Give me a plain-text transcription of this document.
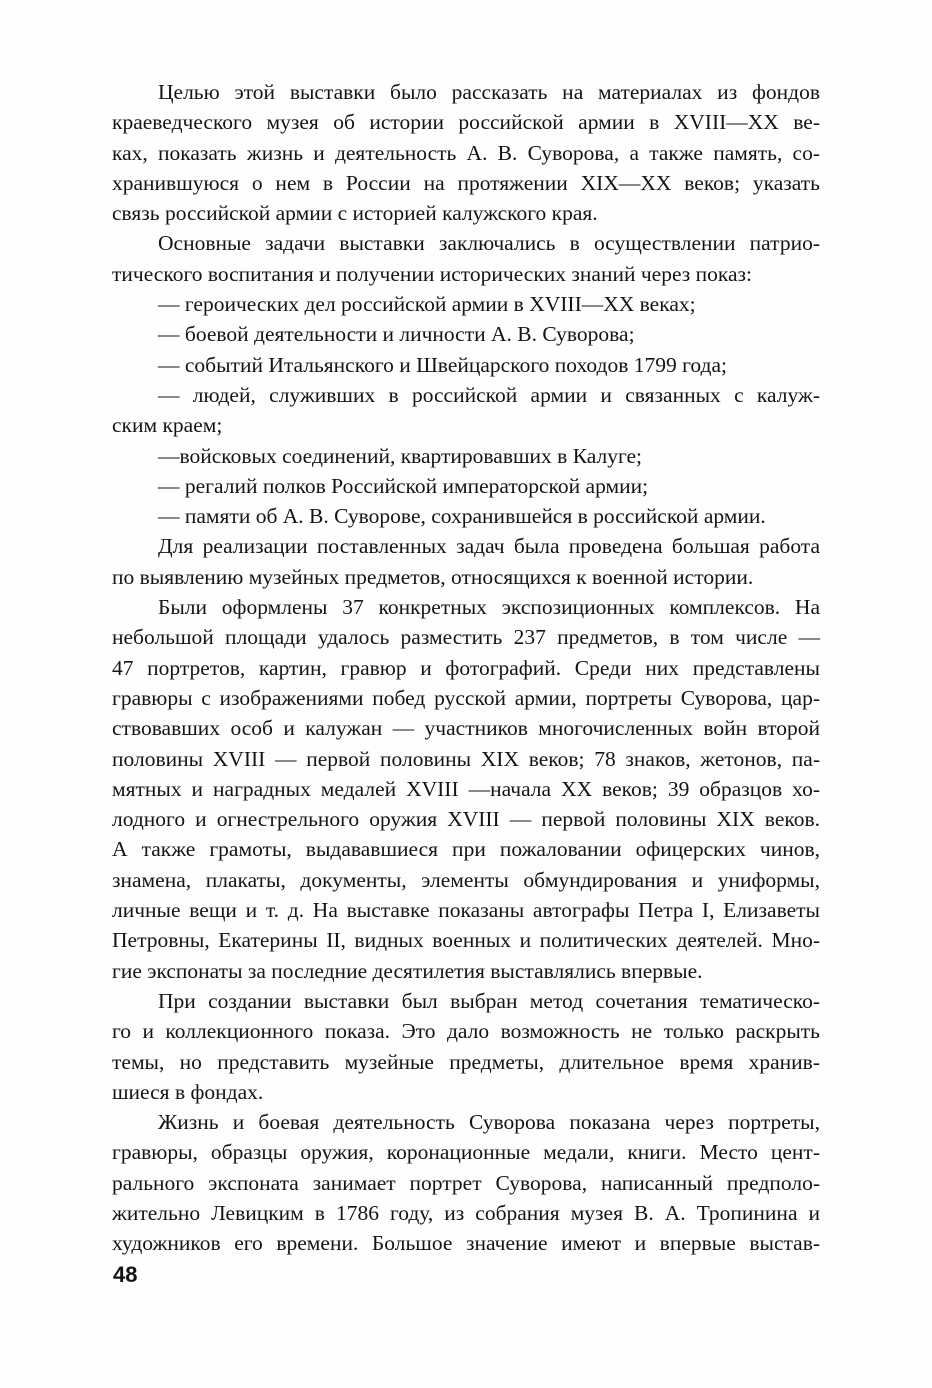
Целью этой выставки было рассказать на материалах из фондов
краеведческого музея об истории российской армии в XVIII—XX ве-
ках, показать жизнь и деятельность А. В. Суворова, а также память, со-
хранившуюся о нем в России на протяжении XIX—XX веков; указать
связь российской армии с историей калужского края.
Основные задачи выставки заключались в осуществлении патрио-
тического воспитания и получении исторических знаний через показ:
— героических дел российской армии в XVIII—XX веках;
— боевой деятельности и личности А. В. Суворова;
— событий Итальянского и Швейцарского походов 1799 года;
— людей, служивших в российской армии и связанных с калуж-
ским краем;
—войсковых соединений, квартировавших в Калуге;
— регалий полков Российской императорской армии;
— памяти об А. В. Суворове, сохранившейся в российской армии.
Для реализации поставленных задач была проведена большая работа
по выявлению музейных предметов, относящихся к военной истории.
Были оформлены 37 конкретных экспозиционных комплексов. На
небольшой площади удалось разместить 237 предметов, в том числе —
47 портретов, картин, гравюр и фотографий. Среди них представлены
гравюры с изображениями побед русской армии, портреты Суворова, цар-
ствовавших особ и калужан — участников многочисленных войн второй
половины XVIII — первой половины XIX веков; 78 знаков, жетонов, па-
мятных и наградных медалей XVIII —начала XX веков; 39 образцов хо-
лодного и огнестрельного оружия XVIII — первой половины XIX веков.
А также грамоты, выдававшиеся при пожаловании офицерских чинов,
знамена, плакаты, документы, элементы обмундирования и униформы,
личные вещи и т. д. На выставке показаны автографы Петра I, Елизаветы
Петровны, Екатерины II, видных военных и политических деятелей. Мно-
гие экспонаты за последние десятилетия выставлялись впервые.
При создании выставки был выбран метод сочетания тематическо-
го и коллекционного показа. Это дало возможность не только раскрыть
темы, но представить музейные предметы, длительное время хранив-
шиеся в фондах.
Жизнь и боевая деятельность Суворова показана через портреты,
гравюры, образцы оружия, коронационные медали, книги. Место цент-
рального экспоната занимает портрет Суворова, написанный предполо-
жительно Левицким в 1786 году, из собрания музея В. А. Тропинина и
художников его времени. Большое значение имеют и впервые выстав-
48
